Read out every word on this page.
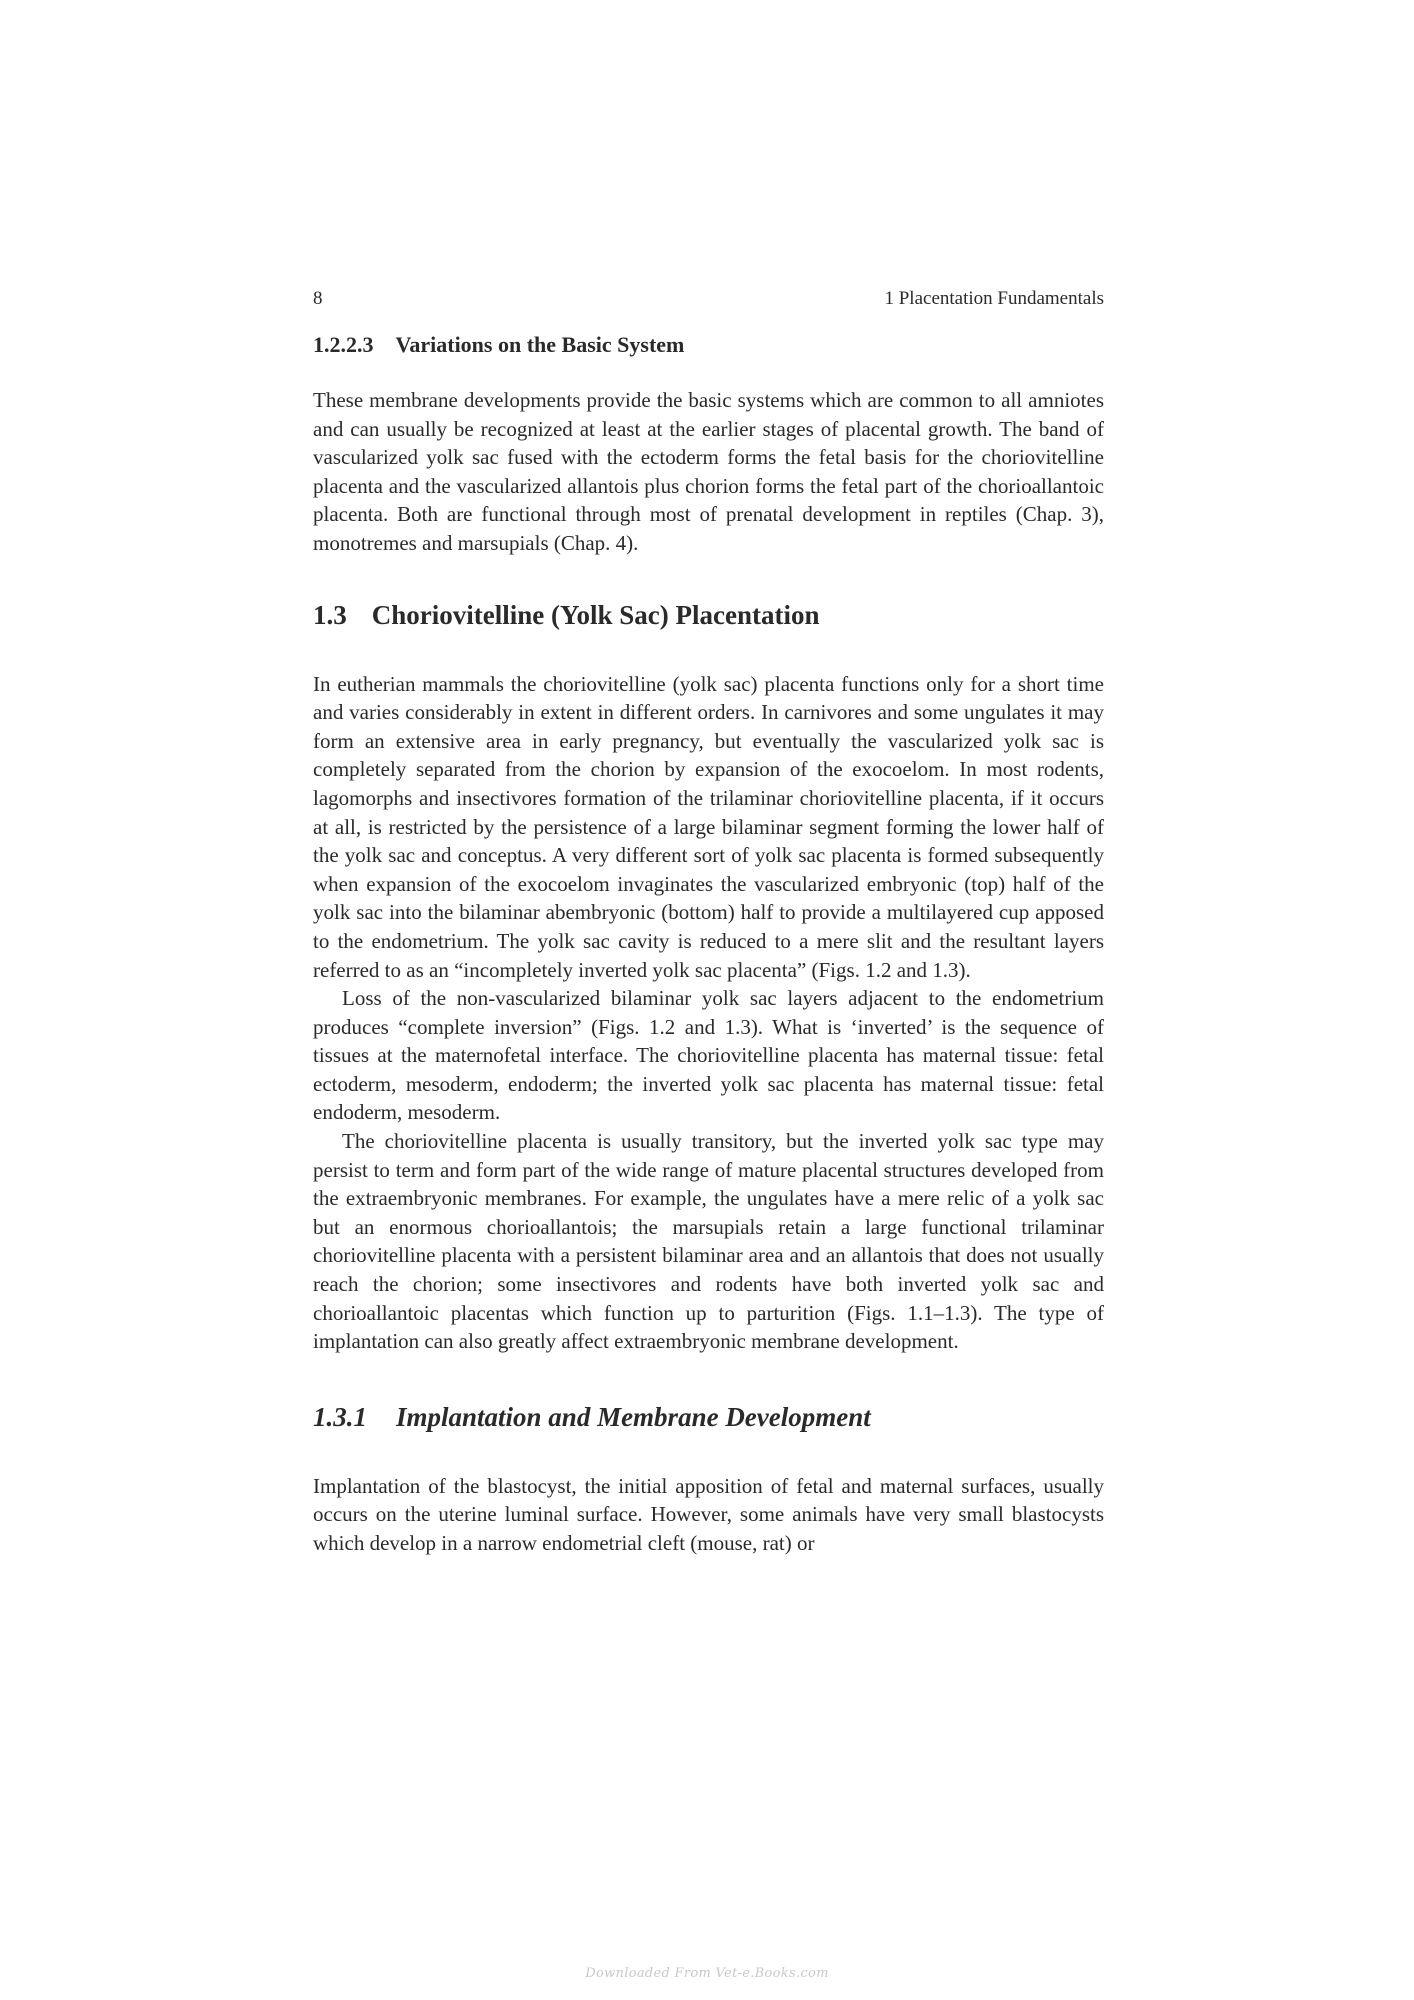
8	1 Placentation Fundamentals
1.2.2.3 Variations on the Basic System

These membrane developments provide the basic systems which are common to all amniotes and can usually be recognized at least at the earlier stages of placental growth. The band of vascularized yolk sac fused with the ectoderm forms the fetal basis for the choriovitelline placenta and the vascularized allantois plus chorion forms the fetal part of the chorioallantoic placenta. Both are functional through most of prenatal development in reptiles (Chap. 3), monotremes and marsupials (Chap. 4).

1.3 Choriovitelline (Yolk Sac) Placentation

In eutherian mammals the choriovitelline (yolk sac) placenta functions only for a short time and varies considerably in extent in different orders. In carnivores and some ungulates it may form an extensive area in early pregnancy, but eventually the vascularized yolk sac is completely separated from the chorion by expansion of the exocoelom. In most rodents, lagomorphs and insectivores formation of the trilaminar choriovitelline placenta, if it occurs at all, is restricted by the persistence of a large bilaminar segment forming the lower half of the yolk sac and conceptus. A very different sort of yolk sac placenta is formed subsequently when expansion of the exocoelom invaginates the vascularized embryonic (top) half of the yolk sac into the bilaminar abembryonic (bottom) half to provide a multilayered cup apposed to the endometrium. The yolk sac cavity is reduced to a mere slit and the resultant layers referred to as an “incompletely inverted yolk sac placenta” (Figs. 1.2 and 1.3).

Loss of the non-vascularized bilaminar yolk sac layers adjacent to the endometrium produces “complete inversion” (Figs. 1.2 and 1.3). What is ‘inverted’ is the sequence of tissues at the maternofetal interface. The choriovitelline placenta has maternal tissue: fetal ectoderm, mesoderm, endoderm; the inverted yolk sac placenta has maternal tissue: fetal endoderm, mesoderm.

The choriovitelline placenta is usually transitory, but the inverted yolk sac type may persist to term and form part of the wide range of mature placental structures developed from the extraembryonic membranes. For example, the ungulates have a mere relic of a yolk sac but an enormous chorioallantois; the marsupials retain a large functional trilaminar choriovitelline placenta with a persistent bilaminar area and an allantois that does not usually reach the chorion; some insectivores and rodents have both inverted yolk sac and chorioallantoic placentas which function up to parturition (Figs. 1.1–1.3). The type of implantation can also greatly affect extraembryonic membrane development.

1.3.1 Implantation and Membrane Development

Implantation of the blastocyst, the initial apposition of fetal and maternal surfaces, usually occurs on the uterine luminal surface. However, some animals have very small blastocysts which develop in a narrow endometrial cleft (mouse, rat) or

Downloaded From Vet-e.Books.com
